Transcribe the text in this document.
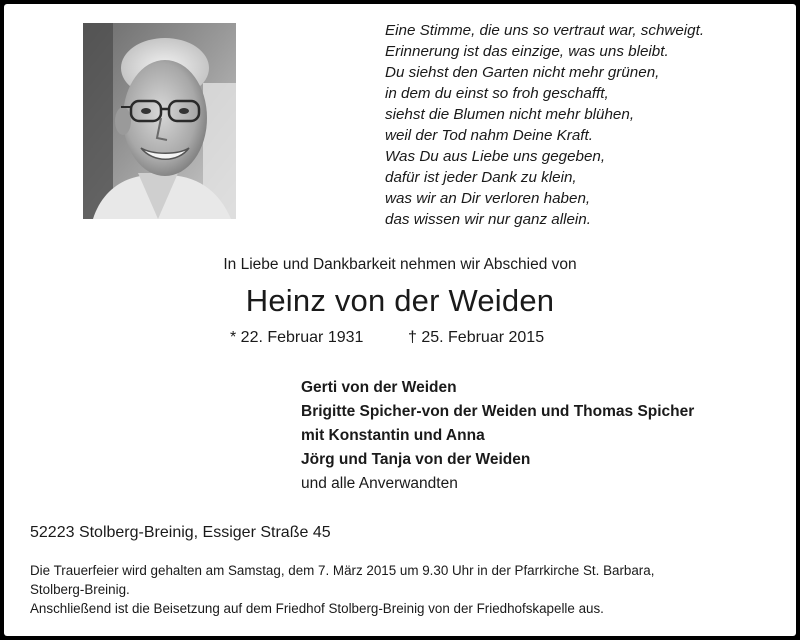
Eine Stimme, die uns so vertraut war, schweigt.
Erinnerung ist das einzige, was uns bleibt.
Du siehst den Garten nicht mehr grünen,
in dem du einst so froh geschafft,
siehst die Blumen nicht mehr blühen,
weil der Tod nahm Deine Kraft.
Was Du aus Liebe uns gegeben,
dafür ist jeder Dank zu klein,
was wir an Dir verloren haben,
das wissen wir nur ganz allein.
In Liebe und Dankbarkeit nehmen wir Abschied von
Heinz von der Weiden
* 22. Februar 1931	† 25. Februar 2015
Gerti von der Weiden
Brigitte Spicher-von der Weiden und Thomas Spicher
mit Konstantin und Anna
Jörg und Tanja von der Weiden
und alle Anverwandten
52223 Stolberg-Breinig, Essiger Straße 45
Die Trauerfeier wird gehalten am Samstag, dem 7. März 2015 um 9.30 Uhr in der Pfarrkirche St. Barbara,
Stolberg-Breinig.
Anschließend ist die Beisetzung auf dem Friedhof Stolberg-Breinig von der Friedhofskapelle aus.
